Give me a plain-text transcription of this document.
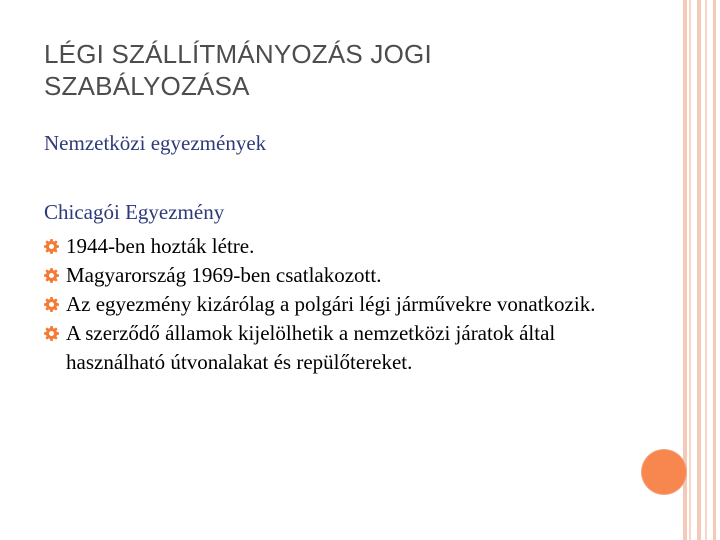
LÉGI SZÁLLÍTMÁNYOZÁS JOGI
SZABÁLYOZÁSA
Nemzetközi egyezmények
Chicagói Egyezmény
1944-ben hozták létre.
Magyarország 1969-ben csatlakozott.
Az egyezmény kizárólag a polgári légi járművekre vonatkozik.
A szerződő államok kijelölhetik a nemzetközi járatok által használható útvonalakat és repülőtereket.
